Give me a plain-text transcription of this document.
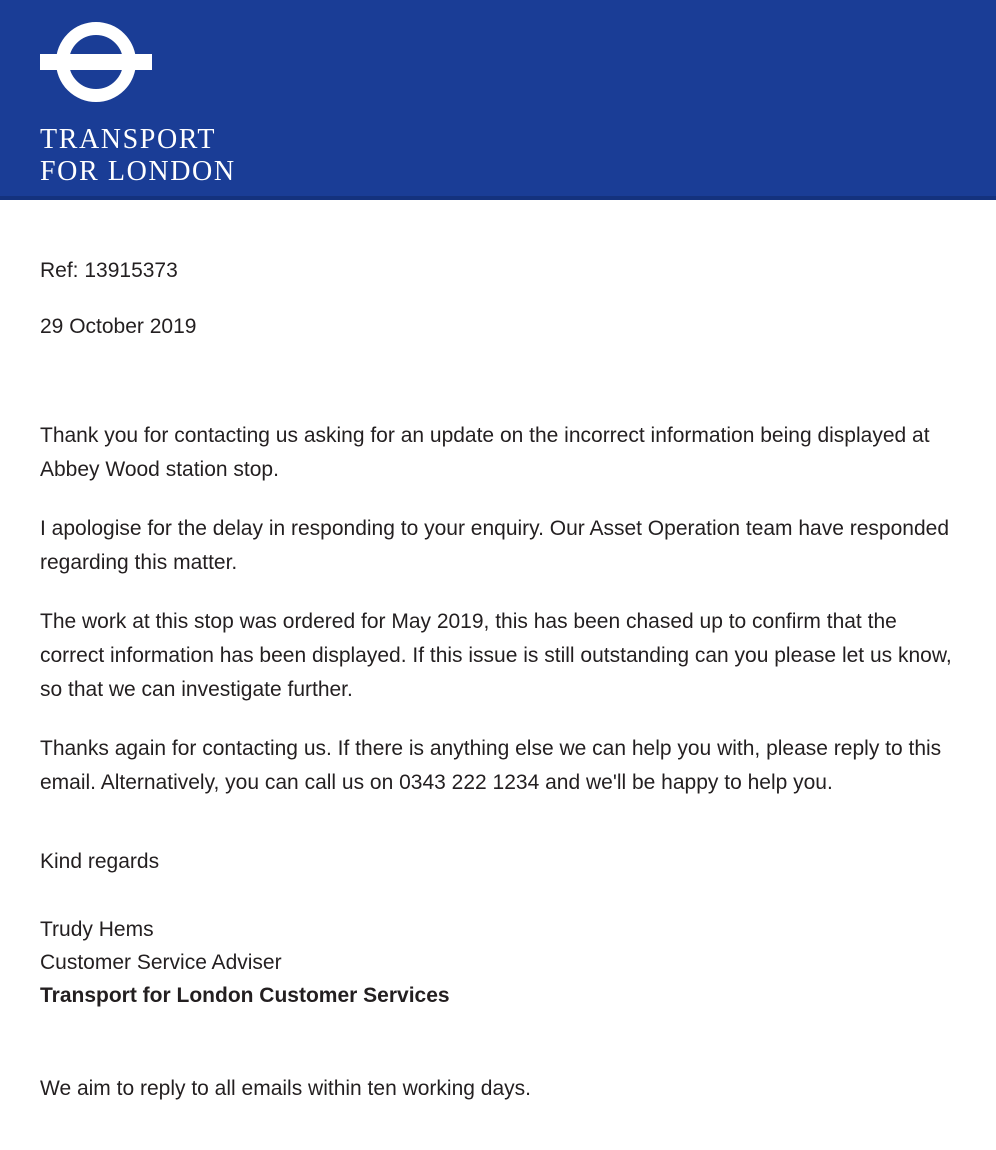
TRANSPORT
FOR LONDON
Ref: 13915373
29 October 2019

Thank you for contacting us asking for an update on the incorrect information being displayed at Abbey Wood station stop.

I apologise for the delay in responding to your enquiry. Our Asset Operation team have responded regarding this matter.

The work at this stop was ordered for May 2019, this has been chased up to confirm that the correct information has been displayed. If this issue is still outstanding can you please let us know, so that we can investigate further.

Thanks again for contacting us. If there is anything else we can help you with, please reply to this email. Alternatively, you can call us on 0343 222 1234 and we'll be happy to help you.

Kind regards
Trudy Hems
Customer Service Adviser
Transport for London Customer Services
We aim to reply to all emails within ten working days.
